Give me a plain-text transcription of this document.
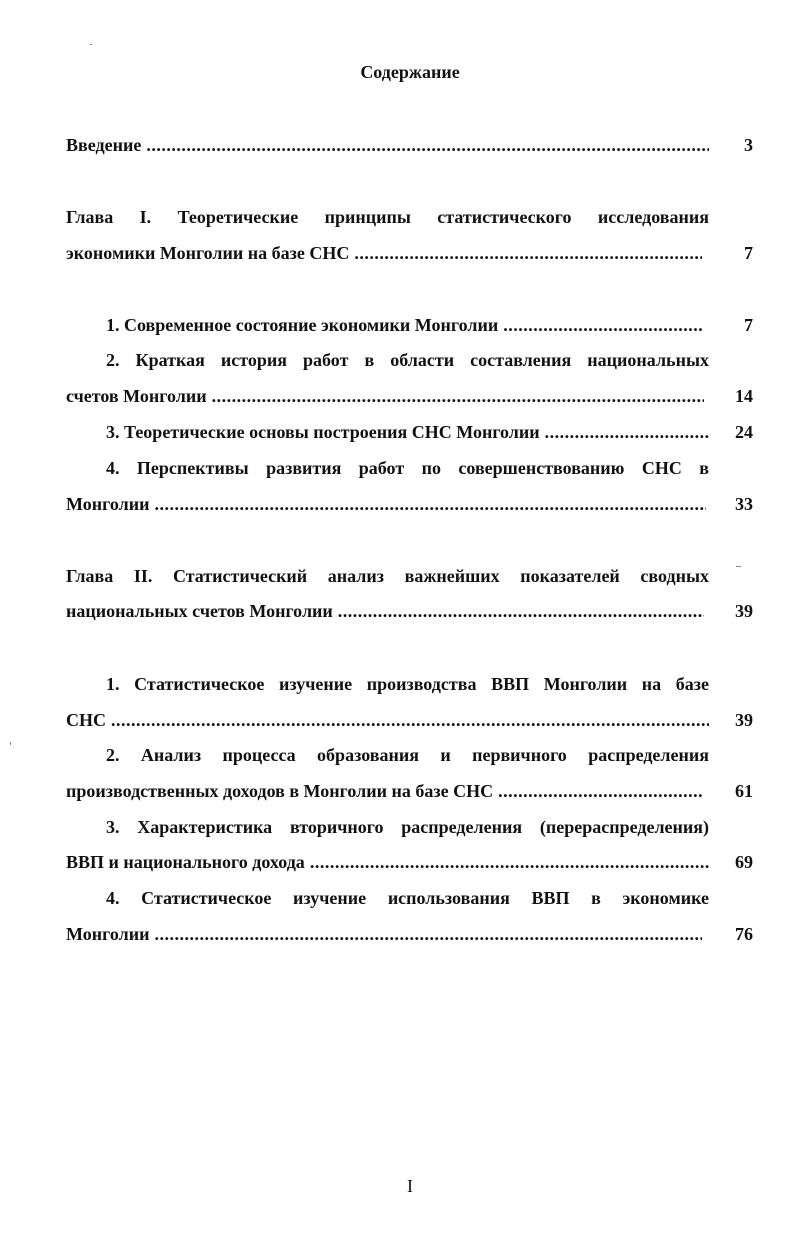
Содержание
Введение .....	3
Глава I. Теоретические принципы статистического исследования
экономики Монголии на базе СНС .....	7
1. Современное состояние экономики Монголии .....	7
2. Краткая история работ в области составления национальных
счетов Монголии .....	14
3. Теоретические основы построения СНС Монголии .....	24
4. Перспективы развития работ по совершенствованию СНС в
Монголии .....	33
Глава II. Статистический анализ важнейших показателей сводных
национальных счетов Монголии .....	39
1. Статистическое изучение производства ВВП Монголии на базе
СНС .....	39
2. Анализ процесса образования и первичного распределения
производственных доходов в Монголии на базе СНС .....	61
3. Характеристика вторичного распределения (перераспределения)
ВВП и национального дохода .....	69
4. Статистическое изучение использования ВВП в экономике
Монголии .....	76
I
